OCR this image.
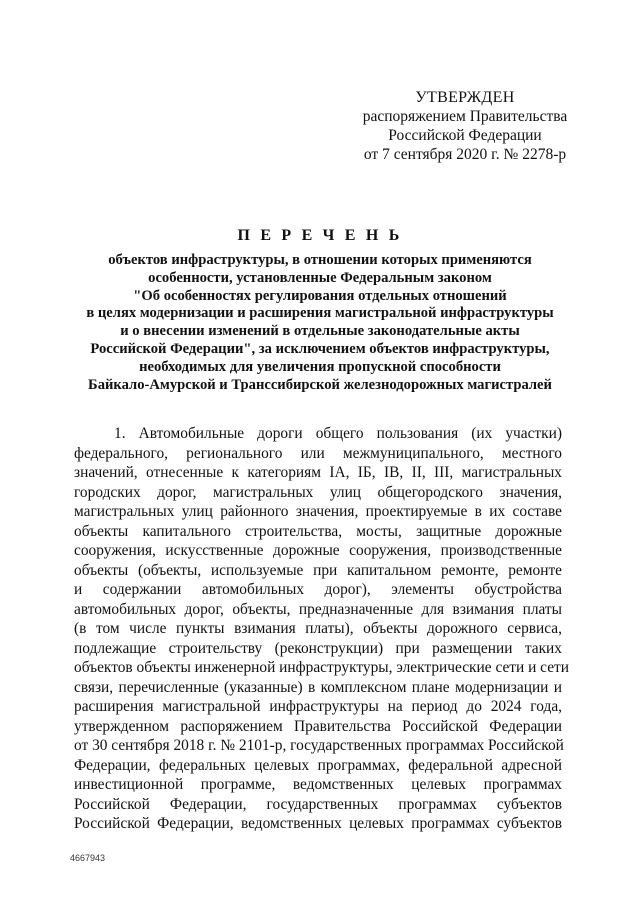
УТВЕРЖДЕН
распоряжением Правительства
Российской Федерации
от 7 сентября 2020 г. № 2278-р
П Е Р Е Ч Е Н Ь
объектов инфраструктуры, в отношении которых применяются
особенности, установленные Федеральным законом
"Об особенностях регулирования отдельных отношений
в целях модернизации и расширения магистральной инфраструктуры
и о внесении изменений в отдельные законодательные акты
Российской Федерации", за исключением объектов инфраструктуры,
необходимых для увеличения пропускной способности
Байкало-Амурской и Транссибирской железнодорожных магистралей
1. Автомобильные дороги общего пользования (их участки)
федерального, регионального или межмуниципального, местного
значений, отнесенные к категориям IА, IБ, IВ, II, III, магистральных
городских дорог, магистральных улиц общегородского значения,
магистральных улиц районного значения, проектируемые в их составе
объекты капитального строительства, мосты, защитные дорожные
сооружения, искусственные дорожные сооружения, производственные
объекты (объекты, используемые при капитальном ремонте, ремонте
и содержании автомобильных дорог), элементы обустройства
автомобильных дорог, объекты, предназначенные для взимания платы
(в том числе пункты взимания платы), объекты дорожного сервиса,
подлежащие строительству (реконструкции) при размещении таких
объектов объекты инженерной инфраструктуры, электрические сети и сети
связи, перечисленные (указанные) в комплексном плане модернизации и
расширения магистральной инфраструктуры на период до 2024 года,
утвержденном распоряжением Правительства Российской Федерации
от 30 сентября 2018 г. № 2101-р, государственных программах Российской
Федерации, федеральных целевых программах, федеральной адресной
инвестиционной программе, ведомственных целевых программах
Российской Федерации, государственных программах субъектов
Российской Федерации, ведомственных целевых программах субъектов
4667943
